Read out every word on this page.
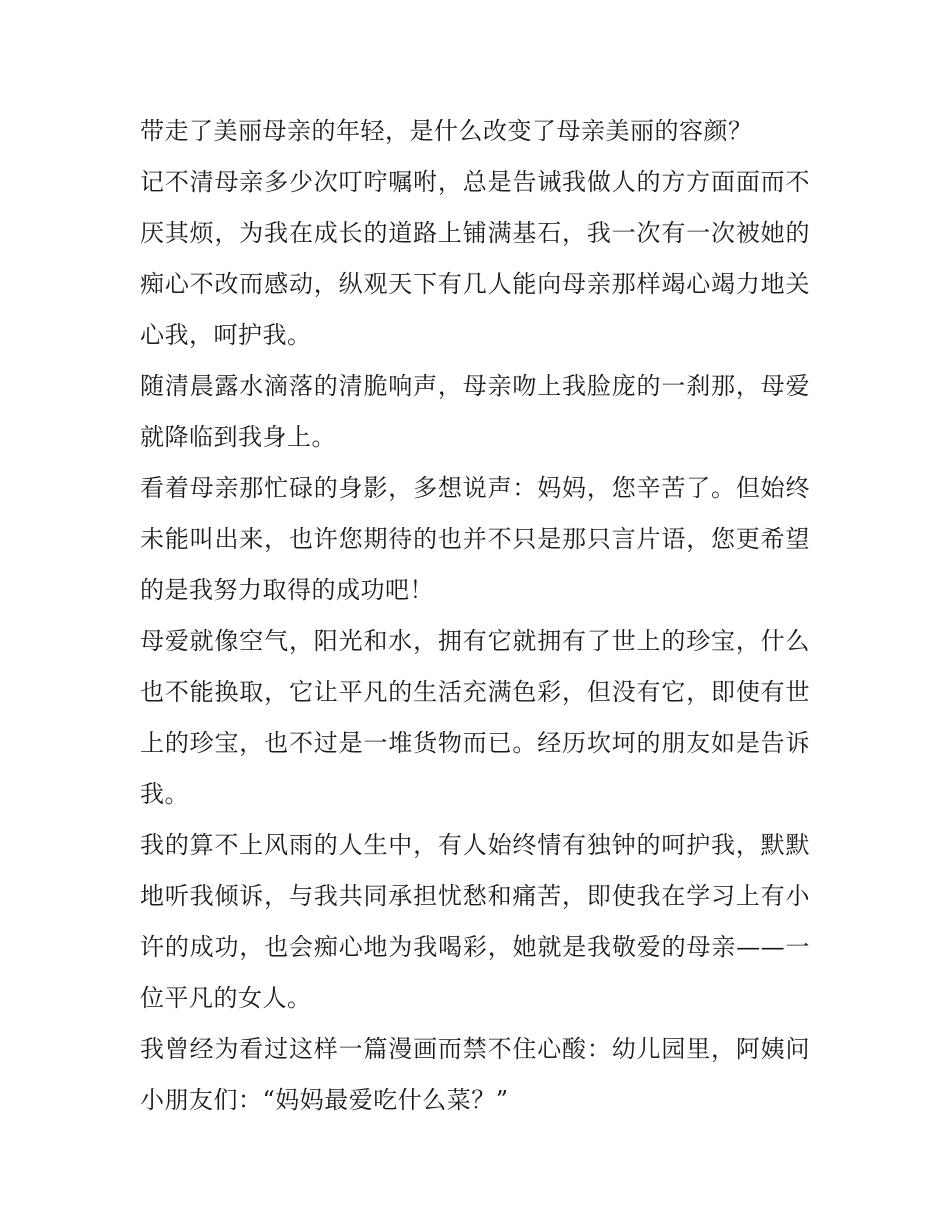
带走了美丽母亲的年轻，是什么改变了母亲美丽的容颜？

记不清母亲多少次叮咛嘱咐，总是告诫我做人的方方面面而不厌其烦，为我在成长的道路上铺满基石，我一次有一次被她的痴心不改而感动，纵观天下有几人能向母亲那样竭心竭力地关心我，呵护我。

随清晨露水滴落的清脆响声，母亲吻上我脸庞的一刹那，母爱就降临到我身上。

看着母亲那忙碌的身影，多想说声：妈妈，您辛苦了。但始终未能叫出来，也许您期待的也并不只是那只言片语，您更希望的是我努力取得的成功吧！

母爱就像空气，阳光和水，拥有它就拥有了世上的珍宝，什么也不能换取，它让平凡的生活充满色彩，但没有它，即使有世上的珍宝，也不过是一堆货物而已。经历坎坷的朋友如是告诉我。

我的算不上风雨的人生中，有人始终情有独钟的呵护我，默默地听我倾诉，与我共同承担忧愁和痛苦，即使我在学习上有小许的成功，也会痴心地为我喝彩，她就是我敬爱的母亲——一位平凡的女人。

我曾经为看过这样一篇漫画而禁不住心酸：幼儿园里，阿姨问小朋友们：“妈妈最爱吃什么菜？”
